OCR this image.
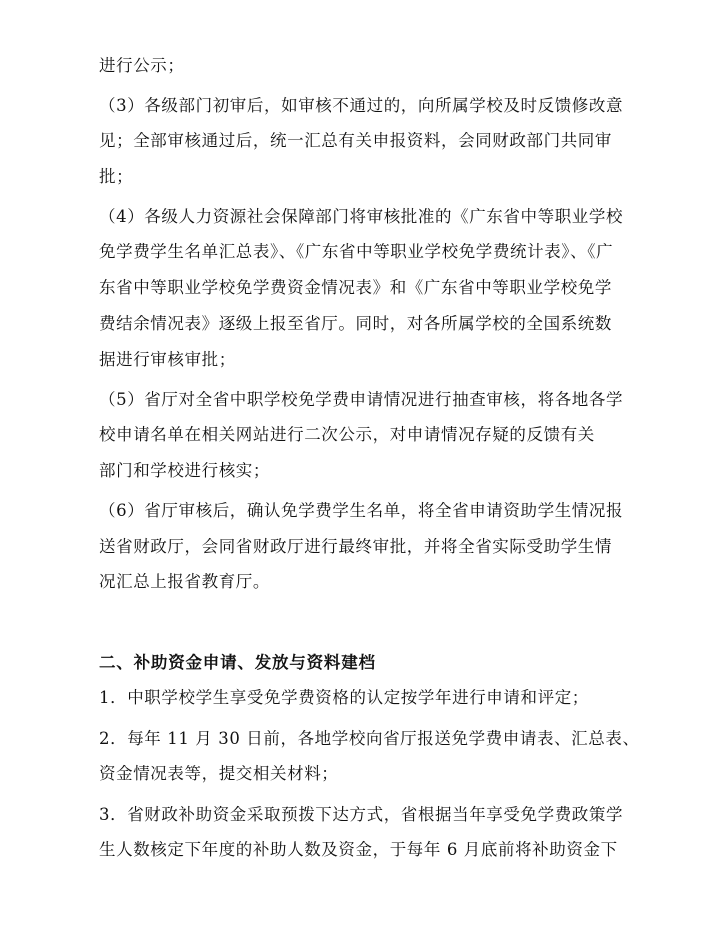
进行公示；
（3）各级部门初审后，如审核不通过的，向所属学校及时反馈修改意
见；全部审核通过后，统一汇总有关申报资料，会同财政部门共同审
批；
（4）各级人力资源社会保障部门将审核批准的《广东省中等职业学校
免学费学生名单汇总表》、《广东省中等职业学校免学费统计表》、《广
东省中等职业学校免学费资金情况表》和《广东省中等职业学校免学
费结余情况表》逐级上报至省厅。同时，对各所属学校的全国系统数
据进行审核审批；
（5）省厅对全省中职学校免学费申请情况进行抽查审核，将各地各学
校申请名单在相关网站进行二次公示，对申请情况存疑的反馈有关
部门和学校进行核实；
（6）省厅审核后，确认免学费学生名单，将全省申请资助学生情况报
送省财政厅，会同省财政厅进行最终审批，并将全省实际受助学生情
况汇总上报省教育厅。
二、补助资金申请、发放与资料建档
1．中职学校学生享受免学费资格的认定按学年进行申请和评定；
2．每年 11 月 30 日前，各地学校向省厅报送免学费申请表、汇总表、
资金情况表等，提交相关材料；
3．省财政补助资金采取预拨下达方式，省根据当年享受免学费政策学
生人数核定下年度的补助人数及资金，于每年 6 月底前将补助资金下
